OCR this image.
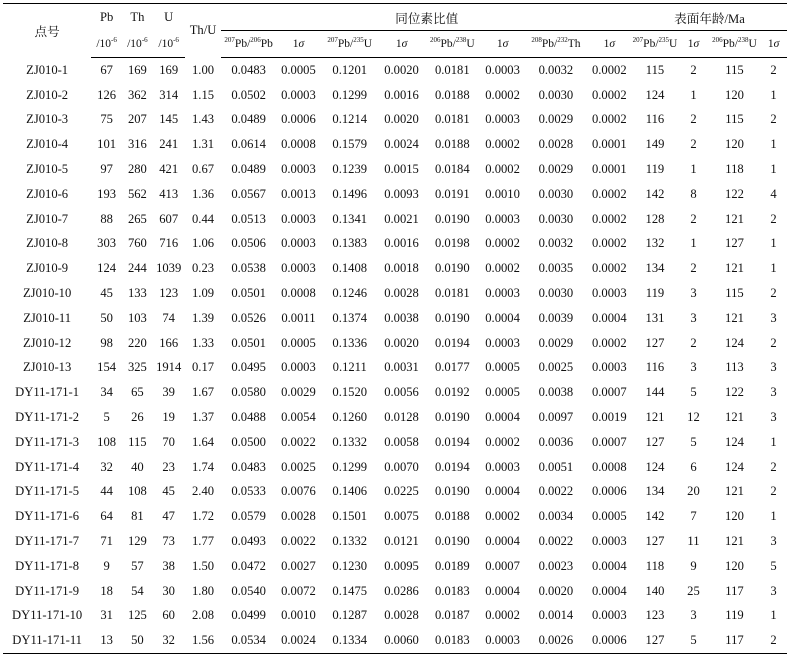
点号	Pb	Th	U	Th/U	同位素比值								表面年龄/Ma			
	$/10^{-6}$	$/10^{-6}$	$/10^{-6}$		$^{207}$Pb/$^{206}$Pb	1σ	$^{207}$Pb/$^{235}$U	1σ	$^{206}$Pb/$^{238}$U	1σ	$^{208}$Pb/$^{232}$Th	1σ	$^{207}$Pb/$^{235}$U	1σ	$^{206}$Pb/$^{238}$U	1σ
ZJ010-1	67	169	169	1.00	0.0483	0.0005	0.1201	0.0020	0.0181	0.0003	0.0032	0.0002	115	2	115	2
ZJ010-2	126	362	314	1.15	0.0502	0.0003	0.1299	0.0016	0.0188	0.0002	0.0030	0.0002	124	1	120	1
ZJ010-3	75	207	145	1.43	0.0489	0.0006	0.1214	0.0020	0.0181	0.0003	0.0029	0.0002	116	2	115	2
ZJ010-4	101	316	241	1.31	0.0614	0.0008	0.1579	0.0024	0.0188	0.0002	0.0028	0.0001	149	2	120	1
ZJ010-5	97	280	421	0.67	0.0489	0.0003	0.1239	0.0015	0.0184	0.0002	0.0029	0.0001	119	1	118	1
ZJ010-6	193	562	413	1.36	0.0567	0.0013	0.1496	0.0093	0.0191	0.0010	0.0030	0.0002	142	8	122	4
ZJ010-7	88	265	607	0.44	0.0513	0.0003	0.1341	0.0021	0.0190	0.0003	0.0030	0.0002	128	2	121	2
ZJ010-8	303	760	716	1.06	0.0506	0.0003	0.1383	0.0016	0.0198	0.0002	0.0032	0.0002	132	1	127	1
ZJ010-9	124	244	1039	0.23	0.0538	0.0003	0.1408	0.0018	0.0190	0.0002	0.0035	0.0002	134	2	121	1
ZJ010-10	45	133	123	1.09	0.0501	0.0008	0.1246	0.0028	0.0181	0.0003	0.0030	0.0003	119	3	115	2
ZJ010-11	50	103	74	1.39	0.0526	0.0011	0.1374	0.0038	0.0190	0.0004	0.0039	0.0004	131	3	121	3
ZJ010-12	98	220	166	1.33	0.0501	0.0005	0.1336	0.0020	0.0194	0.0003	0.0029	0.0002	127	2	124	2
ZJ010-13	154	325	1914	0.17	0.0495	0.0003	0.1211	0.0031	0.0177	0.0005	0.0025	0.0003	116	3	113	3
DY11-171-1	34	65	39	1.67	0.0580	0.0029	0.1520	0.0056	0.0192	0.0005	0.0038	0.0007	144	5	122	3
DY11-171-2	5	26	19	1.37	0.0488	0.0054	0.1260	0.0128	0.0190	0.0004	0.0097	0.0019	121	12	121	3
DY11-171-3	108	115	70	1.64	0.0500	0.0022	0.1332	0.0058	0.0194	0.0002	0.0036	0.0007	127	5	124	1
DY11-171-4	32	40	23	1.74	0.0483	0.0025	0.1299	0.0070	0.0194	0.0003	0.0051	0.0008	124	6	124	2
DY11-171-5	44	108	45	2.40	0.0533	0.0076	0.1406	0.0225	0.0190	0.0004	0.0022	0.0006	134	20	121	2
DY11-171-6	64	81	47	1.72	0.0579	0.0028	0.1501	0.0075	0.0188	0.0002	0.0034	0.0005	142	7	120	1
DY11-171-7	71	129	73	1.77	0.0493	0.0022	0.1332	0.0121	0.0190	0.0004	0.0022	0.0003	127	11	121	3
DY11-171-8	9	57	38	1.50	0.0472	0.0027	0.1230	0.0095	0.0189	0.0007	0.0023	0.0004	118	9	120	5
DY11-171-9	18	54	30	1.80	0.0540	0.0072	0.1475	0.0286	0.0183	0.0004	0.0020	0.0004	140	25	117	3
DY11-171-10	31	125	60	2.08	0.0499	0.0010	0.1287	0.0028	0.0187	0.0002	0.0014	0.0003	123	3	119	1
DY11-171-11	13	50	32	1.56	0.0534	0.0024	0.1334	0.0060	0.0183	0.0003	0.0026	0.0006	127	5	117	2
